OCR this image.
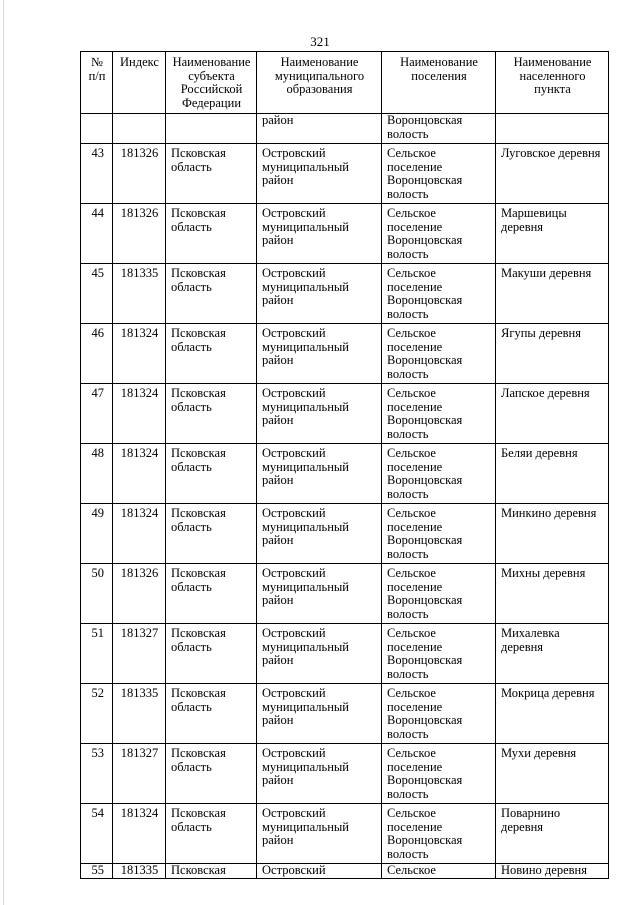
321
№ п/п	Индекс	Наименование субъекта Российской Федерации	Наименование муниципального образования	Наименование поселения	Наименование населенного пункта
			район	Воронцовская волость	
43	181326	Псковская область	Островский муниципальный район	Сельское поселение Воронцовская волость	Луговское деревня
44	181326	Псковская область	Островский муниципальный район	Сельское поселение Воронцовская волость	Маршевицы деревня
45	181335	Псковская область	Островский муниципальный район	Сельское поселение Воронцовская волость	Макуши деревня
46	181324	Псковская область	Островский муниципальный район	Сельское поселение Воронцовская волость	Ягупы деревня
47	181324	Псковская область	Островский муниципальный район	Сельское поселение Воронцовская волость	Лапское деревня
48	181324	Псковская область	Островский муниципальный район	Сельское поселение Воронцовская волость	Беляи деревня
49	181324	Псковская область	Островский муниципальный район	Сельское поселение Воронцовская волость	Минкино деревня
50	181326	Псковская область	Островский муниципальный район	Сельское поселение Воронцовская волость	Михны деревня
51	181327	Псковская область	Островский муниципальный район	Сельское поселение Воронцовская волость	Михалевка деревня
52	181335	Псковская область	Островский муниципальный район	Сельское поселение Воронцовская волость	Мокрица деревня
53	181327	Псковская область	Островский муниципальный район	Сельское поселение Воронцовская волость	Мухи деревня
54	181324	Псковская область	Островский муниципальный район	Сельское поселение Воронцовская волость	Поварнино деревня
55	181335	Псковская	Островский	Сельское	Новино деревня
